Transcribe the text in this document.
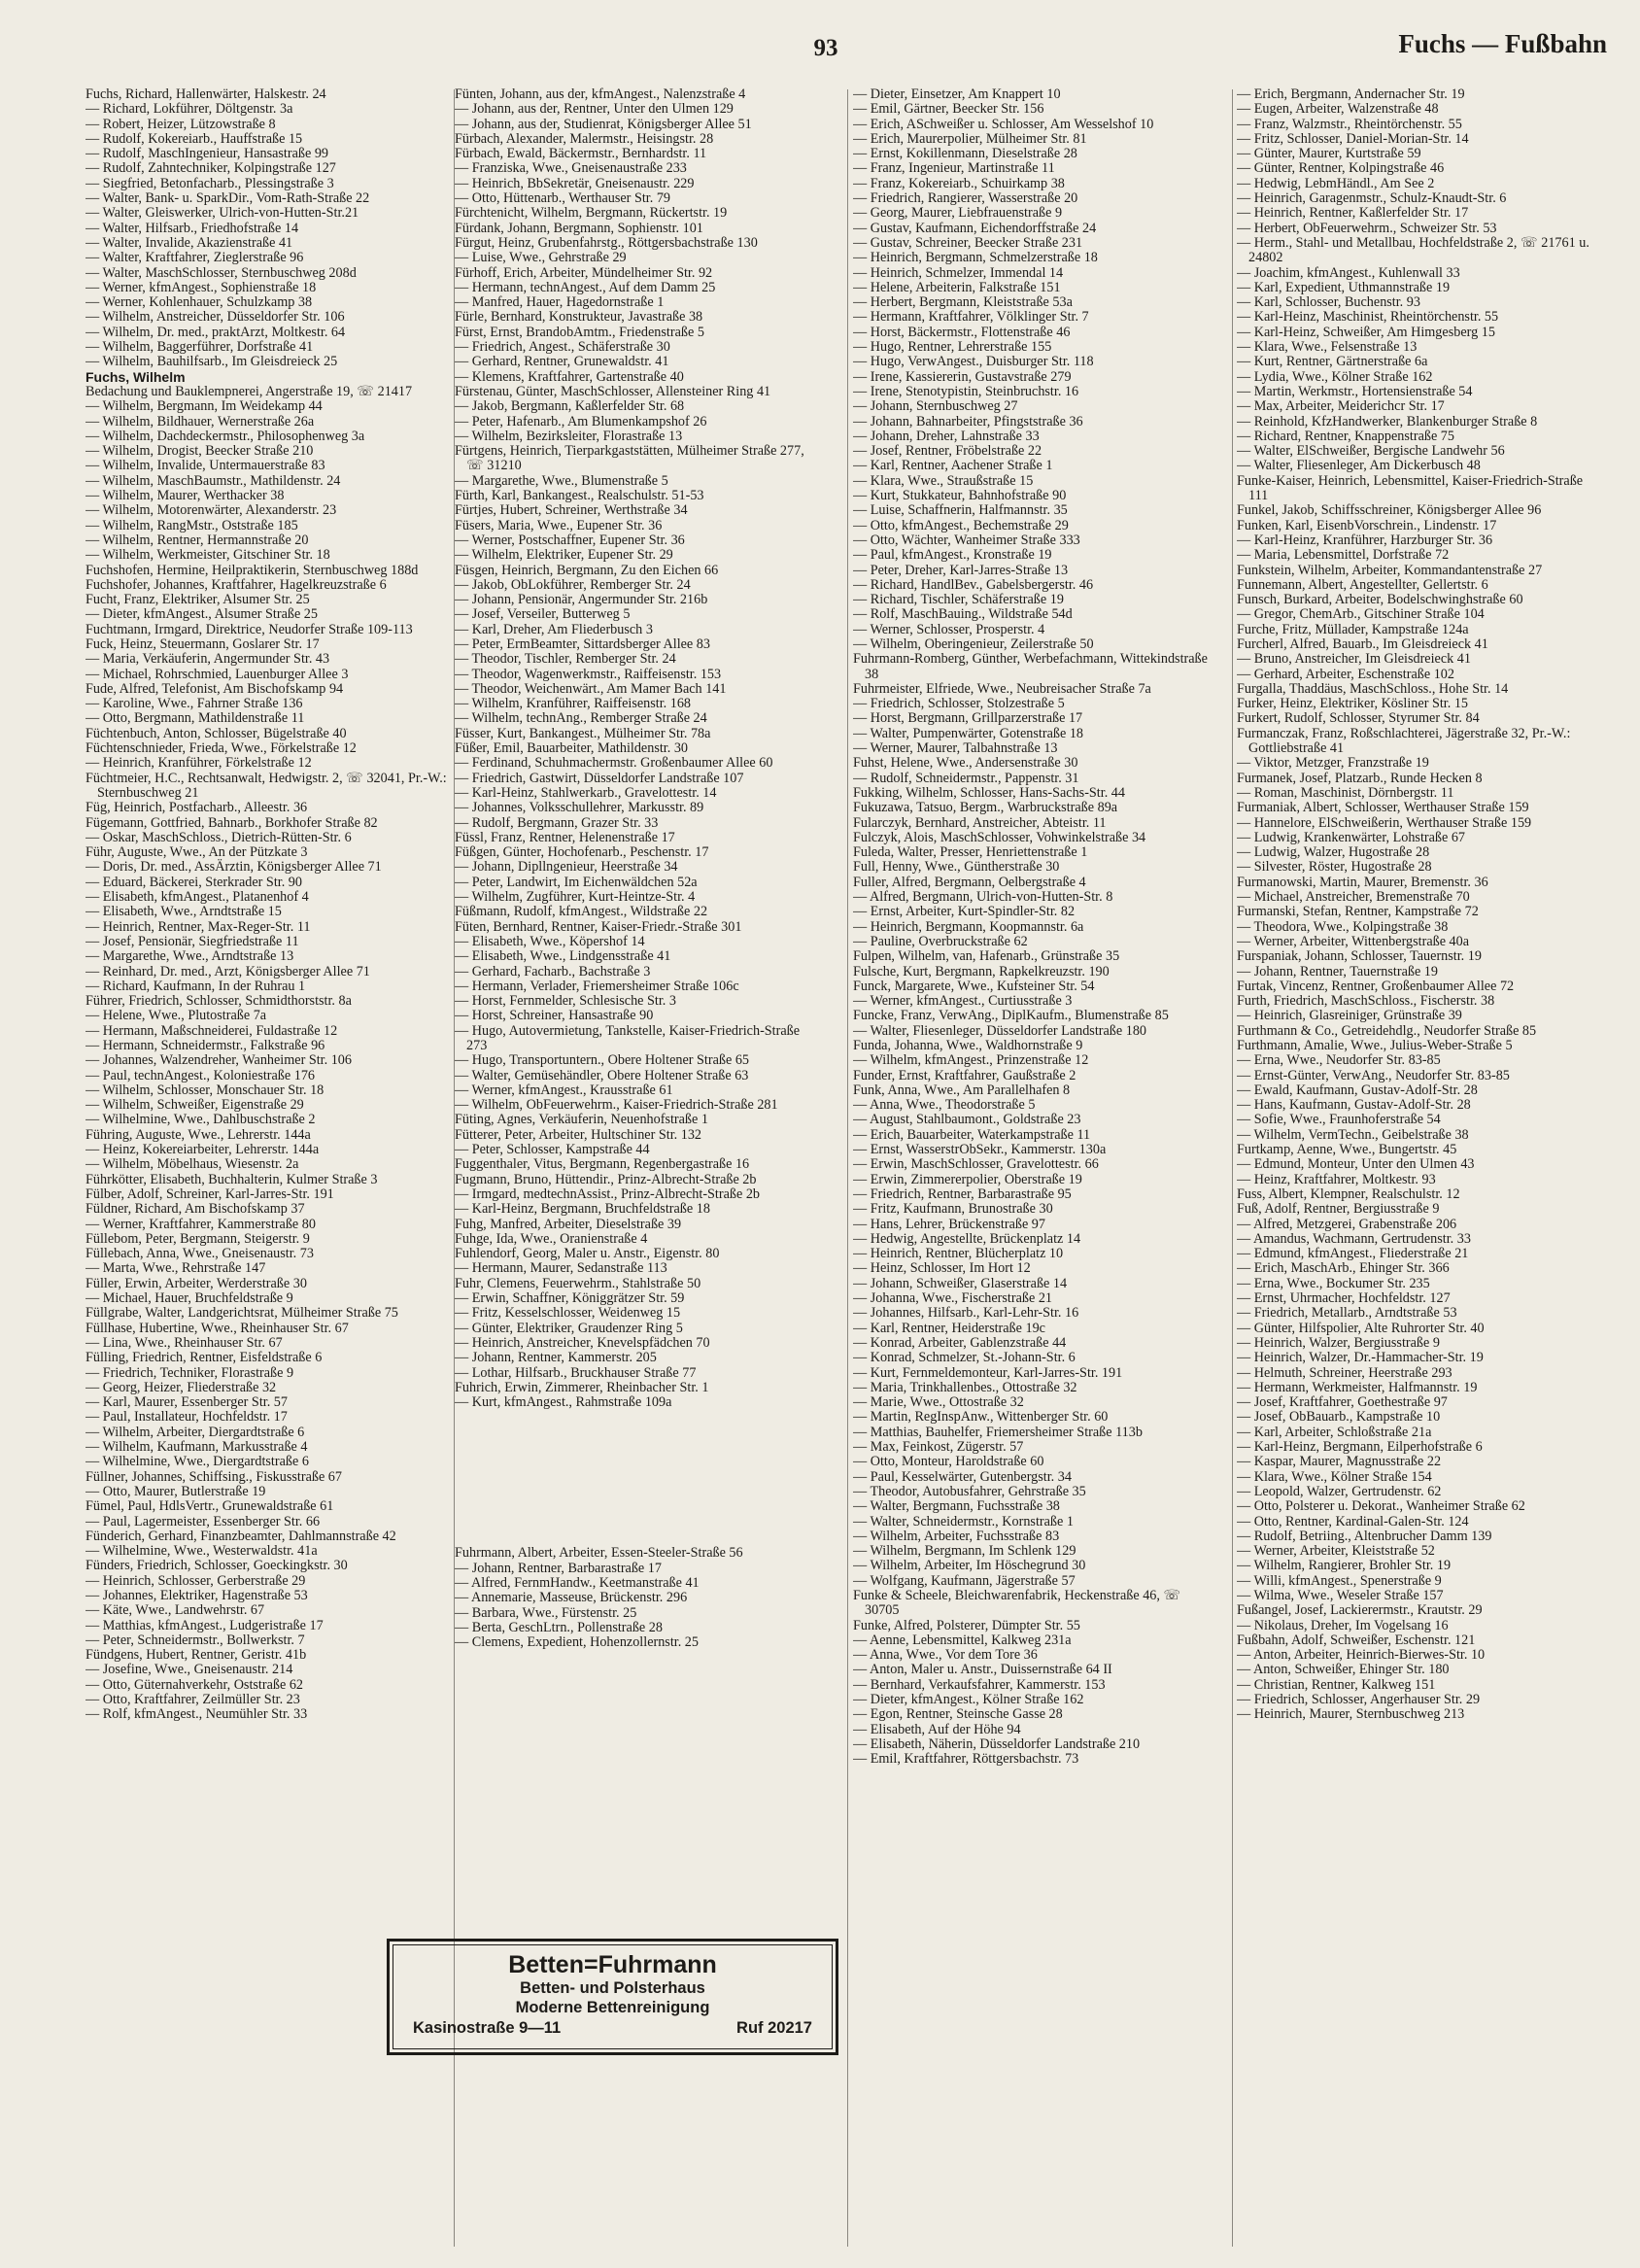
93	Fuchs — Fußbahn
Fuchs, Richard, Hallenwärter, Halskestr. 24
— Richard, Lokführer, Döltgenstr. 3a
— Robert, Heizer, Lützowstraße 8
— Rudolf, Kokereiarb., Hauffstraße 15
— Rudolf, MaschIngenieur, Hansastraße 99
— Rudolf, Zahntechniker, Kolpingstraße 127
— Siegfried, Betonfacharb., Plessingstraße 3
— Walter, Bank- u. SparkDir., Vom-Rath-Straße 22
— Walter, Gleiswerker, Ulrich-von-Hutten-Str.21
— Walter, Hilfsarb., Friedhofstraße 14
— Walter, Invalide, Akazienstraße 41
— Walter, Kraftfahrer, Zieglerstraße 96
— Walter, MaschSchlosser, Sternbuschweg 208d
— Werner, kfmAngest., Sophienstraße 18
— Werner, Kohlenhauer, Schulzkamp 38
— Wilhelm, Anstreicher, Düsseldorfer Str. 106
— Wilhelm, Dr. med., praktArzt, Moltkestr. 64
— Wilhelm, Baggerführer, Dorfstraße 41
— Wilhelm, Bauhilfsarb., Im Gleisdreieck 25
Fuchs, Wilhelm
Bedachung und Bauklempnerei, Angerstraße 19, ☏ 21417
— Wilhelm, Bergmann, Im Weidekamp 44
— Wilhelm, Bildhauer, Wernerstraße 26a
— Wilhelm, Dachdeckermstr., Philosophenweg 3a
— Wilhelm, Drogist, Beecker Straße 210
— Wilhelm, Invalide, Untermauerstraße 83
— Wilhelm, MaschBaumstr., Mathildenstr. 24
— Wilhelm, Maurer, Werthacker 38
— Wilhelm, Motorenwärter, Alexanderstr. 23
— Wilhelm, RangMstr., Oststraße 185
— Wilhelm, Rentner, Hermannstraße 20
— Wilhelm, Werkmeister, Gitschiner Str. 18
Fuchshofen, Hermine, Heilpraktikerin, Sternbuschweg 188d
Fuchshofer, Johannes, Kraftfahrer, Hagelkreuzstraße 6
Fucht, Franz, Elektriker, Alsumer Str. 25
— Dieter, kfmAngest., Alsumer Straße 25
Fuchtmann, Irmgard, Direktrice, Neudorfer Straße 109-113
Fuck, Heinz, Steuermann, Goslarer Str. 17
— Maria, Verkäuferin, Angermunder Str. 43
— Michael, Rohrschmied, Lauenburger Allee 3
Fude, Alfred, Telefonist, Am Bischofskamp 94
— Karoline, Wwe., Fahrner Straße 136
— Otto, Bergmann, Mathildenstraße 11
Füchtenbuch, Anton, Schlosser, Bügelstraße 40
Füchtenschnieder, Frieda, Wwe., Förkelstraße 12
— Heinrich, Kranführer, Förkelstraße 12
Füchtmeier, H.C., Rechtsanwalt, Hedwigstr. 2, ☏ 32041, Pr.-W.: Sternbuschweg 21
Füg, Heinrich, Postfacharb., Alleestr. 36
Fügemann, Gottfried, Bahnarb., Borkhofer Straße 82
— Oskar, MaschSchloss., Dietrich-Rütten-Str. 6
Führ, Auguste, Wwe., An der Pützkate 3
— Doris, Dr. med., AssÄrztin, Königsberger Allee 71
— Eduard, Bäckerei, Sterkrader Str. 90
— Elisabeth, kfmAngest., Platanenhof 4
— Elisabeth, Wwe., Arndtstraße 15
— Heinrich, Rentner, Max-Reger-Str. 11
— Josef, Pensionär, Siegfriedstraße 11
— Margarethe, Wwe., Arndtstraße 13
— Reinhard, Dr. med., Arzt, Königsberger Allee 71
— Richard, Kaufmann, In der Ruhrau 1
Führer, Friedrich, Schlosser, Schmidthorststr. 8a
— Helene, Wwe., Plutostraße 7a
— Hermann, Maßschneiderei, Fuldastraße 12
— Hermann, Schneidermstr., Falkstraße 96
— Johannes, Walzendreher, Wanheimer Str. 106
— Paul, technAngest., Koloniestraße 176
— Wilhelm, Schlosser, Monschauer Str. 18
— Wilhelm, Schweißer, Eigenstraße 29
— Wilhelmine, Wwe., Dahlbuschstraße 2
Führing, Auguste, Wwe., Lehrerstr. 144a
— Heinz, Kokereiarbeiter, Lehrerstr. 144a
— Wilhelm, Möbelhaus, Wiesenstr. 2a
Führkötter, Elisabeth, Buchhalterin, Kulmer Straße 3
Fülber, Adolf, Schreiner, Karl-Jarres-Str. 191
Füldner, Richard, Am Bischofskamp 37
— Werner, Kraftfahrer, Kammerstraße 80
Füllebom, Peter, Bergmann, Steigerstr. 9
Füllebach, Anna, Wwe., Gneisenaustr. 73
— Marta, Wwe., Rehrstraße 147
Füller, Erwin, Arbeiter, Werderstraße 30
— Michael, Hauer, Bruchfeldstraße 9
Füllgrabe, Walter, Landgerichtsrat, Mülheimer Straße 75
Füllhase, Hubertine, Wwe., Rheinhauser Str. 67
— Lina, Wwe., Rheinhauser Str. 67
Fülling, Friedrich, Rentner, Eisfeldstraße 6
— Friedrich, Techniker, Florastraße 9
— Georg, Heizer, Fliederstraße 32
— Karl, Maurer, Essenberger Str. 57
— Paul, Installateur, Hochfeldstr. 17
— Wilhelm, Arbeiter, Diergardtstraße 6
— Wilhelm, Kaufmann, Markusstraße 4
— Wilhelmine, Wwe., Diergardtstraße 6
Füllner, Johannes, Schiffsing., Fiskusstraße 67
— Otto, Maurer, Butlerstraße 19
Fümel, Paul, HdlsVertr., Grunewaldstraße 61
— Paul, Lagermeister, Essenberger Str. 66
Fünderich, Gerhard, Finanzbeamter, Dahlmannstraße 42
— Wilhelmine, Wwe., Westerwaldstr. 41a
Fünders, Friedrich, Schlosser, Goeckingkstr. 30
— Heinrich, Schlosser, Gerberstraße 29
— Johannes, Elektriker, Hagenstraße 53
— Käte, Wwe., Landwehrstr. 67
— Matthias, kfmAngest., Ludgeristraße 17
— Peter, Schneidermstr., Bollwerkstr. 7
Fündgens, Hubert, Rentner, Geristr. 41b
— Josefine, Wwe., Gneisenaustr. 214
— Otto, Güternahverkehr, Oststraße 62
— Otto, Kraftfahrer, Zeilmüller Str. 23
— Rolf, kfmAngest., Neumühler Str. 33
Fünten, Johann, aus der, kfmAngest., Nalenzstraße 4
— Johann, aus der, Rentner, Unter den Ulmen 129
— Johann, aus der, Studienrat, Königsberger Allee 51
Fürbach, Alexander, Malermstr., Heisingstr. 28
Fürbach, Ewald, Bäckermstr., Bernhardstr. 11
— Franziska, Wwe., Gneisenaustraße 233
— Heinrich, BbSekretär, Gneisenaustr. 229
— Otto, Hüttenarb., Werthauser Str. 79
Fürchtenicht, Wilhelm, Bergmann, Rückertstr. 19
Fürdank, Johann, Bergmann, Sophienstr. 101
Fürgut, Heinz, Grubenfahrstg., Röttgersbachstraße 130
— Luise, Wwe., Gehrstraße 29
Fürhoff, Erich, Arbeiter, Mündelheimer Str. 92
— Hermann, technAngest., Auf dem Damm 25
— Manfred, Hauer, Hagedornstraße 1
Fürle, Bernhard, Konstrukteur, Javastraße 38
Fürst, Ernst, BrandobAmtm., Friedenstraße 5
— Friedrich, Angest., Schäferstraße 30
— Gerhard, Rentner, Grunewaldstr. 41
— Klemens, Kraftfahrer, Gartenstraße 40
Fürstenau, Günter, MaschSchlosser, Allensteiner Ring 41
— Jakob, Bergmann, Kaßlerfelder Str. 68
— Peter, Hafenarb., Am Blumenkampshof 26
— Wilhelm, Bezirksleiter, Florastraße 13
Fürtgens, Heinrich, Tierparkgaststätten, Mülheimer Straße 277, ☏ 31210
— Margarethe, Wwe., Blumenstraße 5
Fürth, Karl, Bankangest., Realschulstr. 51-53
Fürtjes, Hubert, Schreiner, Werthstraße 34
Füsers, Maria, Wwe., Eupener Str. 36
— Werner, Postschaffner, Eupener Str. 36
— Wilhelm, Elektriker, Eupener Str. 29
Füsgen, Heinrich, Bergmann, Zu den Eichen 66
— Jakob, ObLokführer, Remberger Str. 24
— Johann, Pensionär, Angermunder Str. 216b
— Josef, Verseiler, Butterweg 5
— Karl, Dreher, Am Fliederbusch 3
— Peter, ErmBeamter, Sittardsberger Allee 83
— Theodor, Tischler, Remberger Str. 24
— Theodor, Wagenwerkmstr., Raiffeisenstr. 153
— Theodor, Weichenwärt., Am Mamer Bach 141
— Wilhelm, Kranführer, Raiffeisenstr. 168
— Wilhelm, technAng., Remberger Straße 24
Füsser, Kurt, Bankangest., Mülheimer Str. 78a
Füßer, Emil, Bauarbeiter, Mathildenstr. 30
— Ferdinand, Schuhmachermstr. Großenbaumer Allee 60
— Friedrich, Gastwirt, Düsseldorfer Landstraße 107
— Karl-Heinz, Stahlwerkarb., Gravelottestr. 14
— Johannes, Volksschullehrer, Markusstr. 89
— Rudolf, Bergmann, Grazer Str. 33
Füssl, Franz, Rentner, Helenenstraße 17
Füßgen, Günter, Hochofenarb., Peschenstr. 17
— Johann, Dipllngenieur, Heerstraße 34
— Peter, Landwirt, Im Eichenwäldchen 52a
— Wilhelm, Zugführer, Kurt-Heintze-Str. 4
Füßmann, Rudolf, kfmAngest., Wildstraße 22
Füten, Bernhard, Rentner, Kaiser-Friedr.-Straße 301
— Elisabeth, Wwe., Köpershof 14
— Elisabeth, Wwe., Lindgensstraße 41
— Gerhard, Facharb., Bachstraße 3
— Hermann, Verlader, Friemersheimer Straße 106c
— Horst, Fernmelder, Schlesische Str. 3
— Horst, Schreiner, Hansastraße 90
— Hugo, Autovermietung, Tankstelle, Kaiser-Friedrich-Straße 273
— Hugo, Transportuntern., Obere Holtener Straße 65
— Walter, Gemüsehändler, Obere Holtener Straße 63
— Werner, kfmAngest., Krausstraße 61
— Wilhelm, ObFeuerwehrm., Kaiser-Friedrich-Straße 281
Füting, Agnes, Verkäuferin, Neuenhofstraße 1
Fütterer, Peter, Arbeiter, Hultschiner Str. 132
— Peter, Schlosser, Kampstraße 44
Fuggenthaler, Vitus, Bergmann, Regenbergastraße 16
Fugmann, Bruno, Hüttendir., Prinz-Albrecht-Straße 2b
— Irmgard, medtechnAssist., Prinz-Albrecht-Straße 2b
— Karl-Heinz, Bergmann, Bruchfeldstraße 18
Fuhg, Manfred, Arbeiter, Dieselstraße 39
Fuhge, Ida, Wwe., Oranienstraße 4
Fuhlendorf, Georg, Maler u. Anstr., Eigenstr. 80
— Hermann, Maurer, Sedanstraße 113
Fuhr, Clemens, Feuerwehrm., Stahlstraße 50
— Erwin, Schaffner, Königgrätzer Str. 59
— Fritz, Kesselschlosser, Weidenweg 15
— Günter, Elektriker, Graudenzer Ring 5
— Heinrich, Anstreicher, Knevelspfädchen 70
— Johann, Rentner, Kammerstr. 205
— Lothar, Hilfsarb., Bruckhauser Straße 77
Fuhrich, Erwin, Zimmerer, Rheinbacher Str. 1
— Kurt, kfmAngest., Rahmstraße 109a
Fuhrmann, Albert, Arbeiter, Essen-Steeler-Straße 56
— Johann, Rentner, Barbarastraße 17
— Alfred, FernmHandw., Keetmanstraße 41
— Annemarie, Masseuse, Brückenstr. 296
— Barbara, Wwe., Fürstenstr. 25
— Berta, GeschLtrn., Pollenstraße 28
— Clemens, Expedient, Hohenzollernstr. 25
— Dieter, Einsetzer, Am Knappert 10
— Emil, Gärtner, Beecker Str. 156
— Erich, ASchweißer u. Schlosser, Am Wesselshof 10
— Erich, Maurerpolier, Mülheimer Str. 81
— Ernst, Kokillenmann, Dieselstraße 28
— Franz, Ingenieur, Martinstraße 11
— Franz, Kokereiarb., Schuirkamp 38
— Friedrich, Rangierer, Wasserstraße 20
— Georg, Maurer, Liebfrauenstraße 9
— Gustav, Kaufmann, Eichendorffstraße 24
— Gustav, Schreiner, Beecker Straße 231
— Heinrich, Bergmann, Schmelzerstraße 18
— Heinrich, Schmelzer, Immendal 14
— Helene, Arbeiterin, Falkstraße 151
— Herbert, Bergmann, Kleiststraße 53a
— Hermann, Kraftfahrer, Völklinger Str. 7
— Horst, Bäckermstr., Flottenstraße 46
— Hugo, Rentner, Lehrerstraße 155
— Hugo, VerwAngest., Duisburger Str. 118
— Irene, Kassiererin, Gustavstraße 279
— Irene, Stenotypistin, Steinbruchstr. 16
— Johann, Sternbuschweg 27
— Johann, Bahnarbeiter, Pfingststraße 36
— Johann, Dreher, Lahnstraße 33
— Josef, Rentner, Fröbelstraße 22
— Karl, Rentner, Aachener Straße 1
— Klara, Wwe., Straußstraße 15
— Kurt, Stukkateur, Bahnhofstraße 90
— Luise, Schaffnerin, Halfmannstr. 35
— Otto, kfmAngest., Bechemstraße 29
— Otto, Wächter, Wanheimer Straße 333
— Paul, kfmAngest., Kronstraße 19
— Peter, Dreher, Karl-Jarres-Straße 13
— Richard, HandlBev., Gabelsbergerstr. 46
— Richard, Tischler, Schäferstraße 19
— Rolf, MaschBauing., Wildstraße 54d
— Werner, Schlosser, Prosperstr. 4
— Wilhelm, Oberingenieur, Zeilerstraße 50
Fuhrmann-Romberg, Günther, Werbefachmann, Wittekindstraße 38
Fuhrmeister, Elfriede, Wwe., Neubreisacher Straße 7a
— Friedrich, Schlosser, Stolzestraße 5
— Horst, Bergmann, Grillparzerstraße 17
— Walter, Pumpenwärter, Gotenstraße 18
— Werner, Maurer, Talbahnstraße 13
Fuhst, Helene, Wwe., Andersenstraße 30
— Rudolf, Schneidermstr., Pappenstr. 31
Fukking, Wilhelm, Schlosser, Hans-Sachs-Str. 44
Fukuzawa, Tatsuo, Bergm., Warbruckstraße 89a
Fularczyk, Bernhard, Anstreicher, Abteistr. 11
Fulczyk, Alois, MaschSchlosser, Vohwinkelstraße 34
Fuleda, Walter, Presser, Henriettenstraße 1
Full, Henny, Wwe., Güntherstraße 30
Fuller, Alfred, Bergmann, Oelbergstraße 4
— Alfred, Bergmann, Ulrich-von-Hutten-Str. 8
— Ernst, Arbeiter, Kurt-Spindler-Str. 82
— Heinrich, Bergmann, Koopmannstr. 6a
— Pauline, Overbruckstraße 62
Fulpen, Wilhelm, van, Hafenarb., Grünstraße 35
Fulsche, Kurt, Bergmann, Rapkelkreuzstr. 190
Funck, Margarete, Wwe., Kufsteiner Str. 54
— Werner, kfmAngest., Curtiusstraße 3
Funcke, Franz, VerwAng., DiplKaufm., Blumenstraße 85
— Walter, Fliesenleger, Düsseldorfer Landstraße 180
Funda, Johanna, Wwe., Waldhornstraße 9
— Wilhelm, kfmAngest., Prinzenstraße 12
Funder, Ernst, Kraftfahrer, Gaußstraße 2
Funk, Anna, Wwe., Am Parallelhafen 8
— Anna, Wwe., Theodorstraße 5
— August, Stahlbaumont., Goldstraße 23
— Erich, Bauarbeiter, Waterkampstraße 11
— Ernst, WasserstrObSekr., Kammerstr. 130a
— Erwin, MaschSchlosser, Gravelottestr. 66
— Erwin, Zimmererpolier, Oberstraße 19
— Friedrich, Rentner, Barbarastraße 95
— Fritz, Kaufmann, Brunostraße 30
— Hans, Lehrer, Brückenstraße 97
— Hedwig, Angestellte, Brückenplatz 14
— Heinrich, Rentner, Blücherplatz 10
— Heinz, Schlosser, Im Hort 12
— Johann, Schweißer, Glaserstraße 14
— Johanna, Wwe., Fischerstraße 21
— Johannes, Hilfsarb., Karl-Lehr-Str. 16
— Karl, Rentner, Heiderstraße 19c
— Konrad, Arbeiter, Gablenzstraße 44
— Konrad, Schmelzer, St.-Johann-Str. 6
— Kurt, Fernmeldemonteur, Karl-Jarres-Str. 191
— Maria, Trinkhallenbes., Ottostraße 32
— Marie, Wwe., Ottostraße 32
— Martin, RegInspAnw., Wittenberger Str. 60
— Matthias, Bauhelfer, Friemersheimer Straße 113b
— Max, Feinkost, Zügerstr. 57
— Otto, Monteur, Haroldstraße 60
— Paul, Kesselwärter, Gutenbergstr. 34
— Theodor, Autobusfahrer, Gehrstraße 35
— Walter, Bergmann, Fuchsstraße 38
— Walter, Schneidermstr., Kornstraße 1
— Wilhelm, Arbeiter, Fuchsstraße 83
— Wilhelm, Bergmann, Im Schlenk 129
— Wilhelm, Arbeiter, Im Höschegrund 30
— Wolfgang, Kaufmann, Jägerstraße 57
Funke & Scheele, Bleichwarenfabrik, Heckenstraße 46, ☏ 30705
Funke, Alfred, Polsterer, Dümpter Str. 55
— Aenne, Lebensmittel, Kalkweg 231a
— Anna, Wwe., Vor dem Tore 36
— Anton, Maler u. Anstr., Duissernstraße 64 II
— Bernhard, Verkaufsfahrer, Kammerstr. 153
— Dieter, kfmAngest., Kölner Straße 162
— Egon, Rentner, Steinsche Gasse 28
— Elisabeth, Auf der Höhe 94
— Elisabeth, Näherin, Düsseldorfer Landstraße 210
— Emil, Kraftfahrer, Röttgersbachstr. 73
— Erich, Bergmann, Andernacher Str. 19
— Eugen, Arbeiter, Walzenstraße 48
— Franz, Walzmstr., Rheintörchenstr. 55
— Fritz, Schlosser, Daniel-Morian-Str. 14
— Günter, Maurer, Kurtstraße 59
— Günter, Rentner, Kolpingstraße 46
— Hedwig, LebmHändl., Am See 2
— Heinrich, Garagenmstr., Schulz-Knaudt-Str. 6
— Heinrich, Rentner, Kaßlerfelder Str. 17
— Herbert, ObFeuerwehrm., Schweizer Str. 53
— Herm., Stahl- und Metallbau, Hochfeldstraße 2, ☏ 21761 u. 24802
— Joachim, kfmAngest., Kuhlenwall 33
— Karl, Expedient, Uthmannstraße 19
— Karl, Schlosser, Buchenstr. 93
— Karl-Heinz, Maschinist, Rheintörchenstr. 55
— Karl-Heinz, Schweißer, Am Himgesberg 15
— Klara, Wwe., Felsenstraße 13
— Kurt, Rentner, Gärtnerstraße 6a
— Lydia, Wwe., Kölner Straße 162
— Martin, Werkmstr., Hortensienstraße 54
— Max, Arbeiter, Meiderichcr Str. 17
— Reinhold, KfzHandwerker, Blankenburger Straße 8
— Richard, Rentner, Knappenstraße 75
— Walter, ElSchweißer, Bergische Landwehr 56
— Walter, Fliesenleger, Am Dickerbusch 48
Funke-Kaiser, Heinrich, Lebensmittel, Kaiser-Friedrich-Straße 111
Funkel, Jakob, Schiffsschreiner, Königsberger Allee 96
Funken, Karl, EisenbVorschrein., Lindenstr. 17
— Karl-Heinz, Kranführer, Harzburger Str. 36
— Maria, Lebensmittel, Dorfstraße 72
Funkstein, Wilhelm, Arbeiter, Kommandantenstraße 27
Funnemann, Albert, Angestellter, Gellertstr. 6
Funsch, Burkard, Arbeiter, Bodelschwinghstraße 60
— Gregor, ChemArb., Gitschiner Straße 104
Furche, Fritz, Müllader, Kampstraße 124a
Furcherl, Alfred, Bauarb., Im Gleisdreieck 41
— Bruno, Anstreicher, Im Gleisdreieck 41
— Gerhard, Arbeiter, Eschenstraße 102
Furgalla, Thaddäus, MaschSchloss., Hohe Str. 14
Furker, Heinz, Elektriker, Kösliner Str. 15
Furkert, Rudolf, Schlosser, Styrumer Str. 84
Furmanczak, Franz, Roßschlachterei, Jägerstraße 32, Pr.-W.: Gottliebstraße 41
— Viktor, Metzger, Franzstraße 19
Furmanek, Josef, Platzarb., Runde Hecken 8
— Roman, Maschinist, Dörnbergstr. 11
Furmaniak, Albert, Schlosser, Werthauser Straße 159
— Hannelore, ElSchweißerin, Werthauser Straße 159
— Ludwig, Krankenwärter, Lohstraße 67
— Ludwig, Walzer, Hugostraße 28
— Silvester, Röster, Hugostraße 28
Furmanowski, Martin, Maurer, Bremenstr. 36
— Michael, Anstreicher, Bremenstraße 70
Furmanski, Stefan, Rentner, Kampstraße 72
— Theodora, Wwe., Kolpingstraße 38
— Werner, Arbeiter, Wittenbergstraße 40a
Furspaniak, Johann, Schlosser, Tauernstr. 19
— Johann, Rentner, Tauernstraße 19
Furtak, Vincenz, Rentner, Großenbaumer Allee 72
Furth, Friedrich, MaschSchloss., Fischerstr. 38
— Heinrich, Glasreiniger, Grünstraße 39
Furthmann & Co., Getreidehdlg., Neudorfer Straße 85
Furthmann, Amalie, Wwe., Julius-Weber-Straße 5
— Erna, Wwe., Neudorfer Str. 83-85
— Ernst-Günter, VerwAng., Neudorfer Str. 83-85
— Ewald, Kaufmann, Gustav-Adolf-Str. 28
— Hans, Kaufmann, Gustav-Adolf-Str. 28
— Sofie, Wwe., Fraunhoferstraße 54
— Wilhelm, VermTechn., Geibelstraße 38
Furtkamp, Aenne, Wwe., Bungertstr. 45
— Edmund, Monteur, Unter den Ulmen 43
— Heinz, Kraftfahrer, Moltkestr. 93
Fuss, Albert, Klempner, Realschulstr. 12
Fuß, Adolf, Rentner, Bergiusstraße 9
— Alfred, Metzgerei, Grabenstraße 206
— Amandus, Wachmann, Gertrudenstr. 33
— Edmund, kfmAngest., Fliederstraße 21
— Erich, MaschArb., Ehinger Str. 366
— Erna, Wwe., Bockumer Str. 235
— Ernst, Uhrmacher, Hochfeldstr. 127
— Friedrich, Metallarb., Arndtstraße 53
— Günter, Hilfspolier, Alte Ruhrorter Str. 40
— Heinrich, Walzer, Bergiusstraße 9
— Heinrich, Walzer, Dr.-Hammacher-Str. 19
— Helmuth, Schreiner, Heerstraße 293
— Hermann, Werkmeister, Halfmannstr. 19
— Josef, Kraftfahrer, Goethestraße 97
— Josef, ObBauarb., Kampstraße 10
— Karl, Arbeiter, Schloßstraße 21a
— Karl-Heinz, Bergmann, Eilperhofstraße 6
— Kaspar, Maurer, Magnusstraße 22
— Klara, Wwe., Kölner Straße 154
— Leopold, Walzer, Gertrudenstr. 62
— Otto, Polsterer u. Dekorat., Wanheimer Straße 62
— Otto, Rentner, Kardinal-Galen-Str. 124
— Rudolf, Betriing., Altenbrucher Damm 139
— Werner, Arbeiter, Kleiststraße 52
— Wilhelm, Rangierer, Brohler Str. 19
— Willi, kfmAngest., Spenerstraße 9
— Wilma, Wwe., Weseler Straße 157
Fußangel, Josef, Lackierermstr., Krautstr. 29
— Nikolaus, Dreher, Im Vogelsang 16
Fußbahn, Adolf, Schweißer, Eschenstr. 121
— Anton, Arbeiter, Heinrich-Bierwes-Str. 10
— Anton, Schweißer, Ehinger Str. 180
— Christian, Rentner, Kalkweg 151
— Friedrich, Schlosser, Angerhauser Str. 29
— Heinrich, Maurer, Sternbuschweg 213
Betten=Fuhrmann
Betten- und Polsterhaus
Moderne Bettenreinigung
Kasinostraße 9—11	Ruf 20217
